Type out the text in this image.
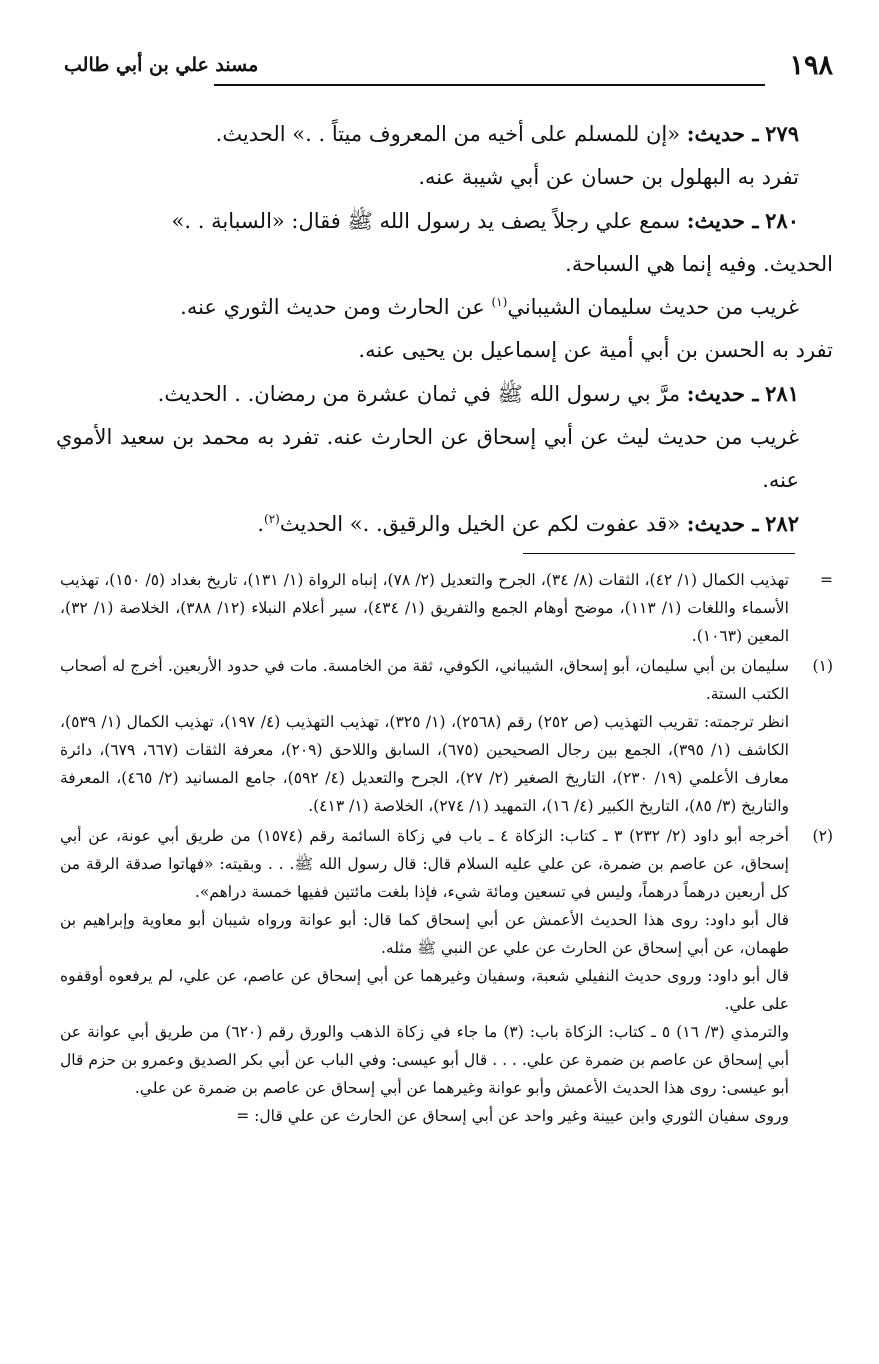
١٩٨
مسند علي بن أبي طالب

٢٧٩ ـ حديث: «إن للمسلم على أخيه من المعروف ميتاً . .» الحديث.

تفرد به البهلول بن حسان عن أبي شيبة عنه.

٢٨٠ ـ حديث: سمع علي رجلاً يصف يد رسول الله ﷺ فقال: «السبابة . .»

الحديث. وفيه إنما هي السباحة.

غريب من حديث سليمان الشيباني$^{(١)}$ عن الحارث ومن حديث الثوري عنه.

تفرد به الحسن بن أبي أمية عن إسماعيل بن يحيى عنه.

٢٨١ ـ حديث: مرَّ بي رسول الله ﷺ في ثمان عشرة من رمضان. . الحديث.

غريب من حديث ليث عن أبي إسحاق عن الحارث عنه. تفرد به محمد بن سعيد الأموي عنه.

٢٨٢ ـ حديث: «قد عفوت لكم عن الخيل والرقيق. .» الحديث$^{(٢)}$.

=

تهذيب الكمال (١/ ٤٢)، الثقات (٨/ ٣٤)، الجرح والتعديل (٢/ ٧٨)، إنباه الرواة (١/ ١٣١)، تاريخ بغداد (٥/ ١٥٠)، تهذيب الأسماء واللغات (١/ ١١٣)، موضح أوهام الجمع والتفريق (١/ ٤٣٤)، سير أعلام النبلاء (١٢/ ٣٨٨)، الخلاصة (١/ ٣٢)، المعين (١٠٦٣).

(١)

سليمان بن أبي سليمان، أبو إسحاق، الشيباني، الكوفي، ثقة من الخامسة. مات في حدود الأربعين. أخرج له أصحاب الكتب الستة.

انظر ترجمته: تقريب التهذيب (ص ٢٥٢) رقم (٢٥٦٨)، (١/ ٣٢٥)، تهذيب التهذيب (٤/ ١٩٧)، تهذيب الكمال (١/ ٥٣٩)، الكاشف (١/ ٣٩٥)، الجمع بين رجال الصحيحين (٦٧٥)، السابق واللاحق (٢٠٩)، معرفة الثقات (٦٦٧، ٦٧٩)، دائرة معارف الأعلمي (١٩/ ٢٣٠)، التاريخ الصغير (٢/ ٢٧)، الجرح والتعديل (٤/ ٥٩٢)، جامع المسانيد (٢/ ٤٦٥)، المعرفة والتاريخ (٣/ ٨٥)، التاريخ الكبير (٤/ ١٦)، التمهيد (١/ ٢٧٤)، الخلاصة (١/ ٤١٣).

(٢)

أخرجه أبو داود (٢/ ٢٣٢) ٣ ـ كتاب: الزكاة ٤ ـ باب في زكاة السائمة رقم (١٥٧٤) من طريق أبي عونة، عن أبي إسحاق، عن عاصم بن ضمرة، عن علي عليه السلام قال: قال رسول الله ﷺ. . . وبقيته: «فهاتوا صدقة الرقة من كل أربعين درهماً درهماً، وليس في تسعين ومائة شيء، فإذا بلغت مائتين ففيها خمسة دراهم».

قال أبو داود: روى هذا الحديث الأعمش عن أبي إسحاق كما قال: أبو عوانة ورواه شيبان أبو معاوية وإبراهيم بن طهمان، عن أبي إسحاق عن الحارث عن علي عن النبي ﷺ مثله.

قال أبو داود: وروى حديث النفيلي شعبة، وسفيان وغيرهما عن أبي إسحاق عن عاصم، عن علي، لم يرفعوه أوقفوه على علي.

والترمذي (٣/ ١٦) ٥ ـ كتاب: الزكاة باب: (٣) ما جاء في زكاة الذهب والورق رقم (٦٢٠) من طريق أبي عوانة عن أبي إسحاق عن عاصم بن ضمرة عن علي. . . . قال أبو عيسى: وفي الباب عن أبي بكر الصديق وعمرو بن حزم قال أبو عيسى: روى هذا الحديث الأعمش وأبو عوانة وغيرهما عن أبي إسحاق عن عاصم بن ضمرة عن علي.

وروى سفيان الثوري وابن عيينة وغير واحد عن أبي إسحاق عن الحارث عن علي قال: =
